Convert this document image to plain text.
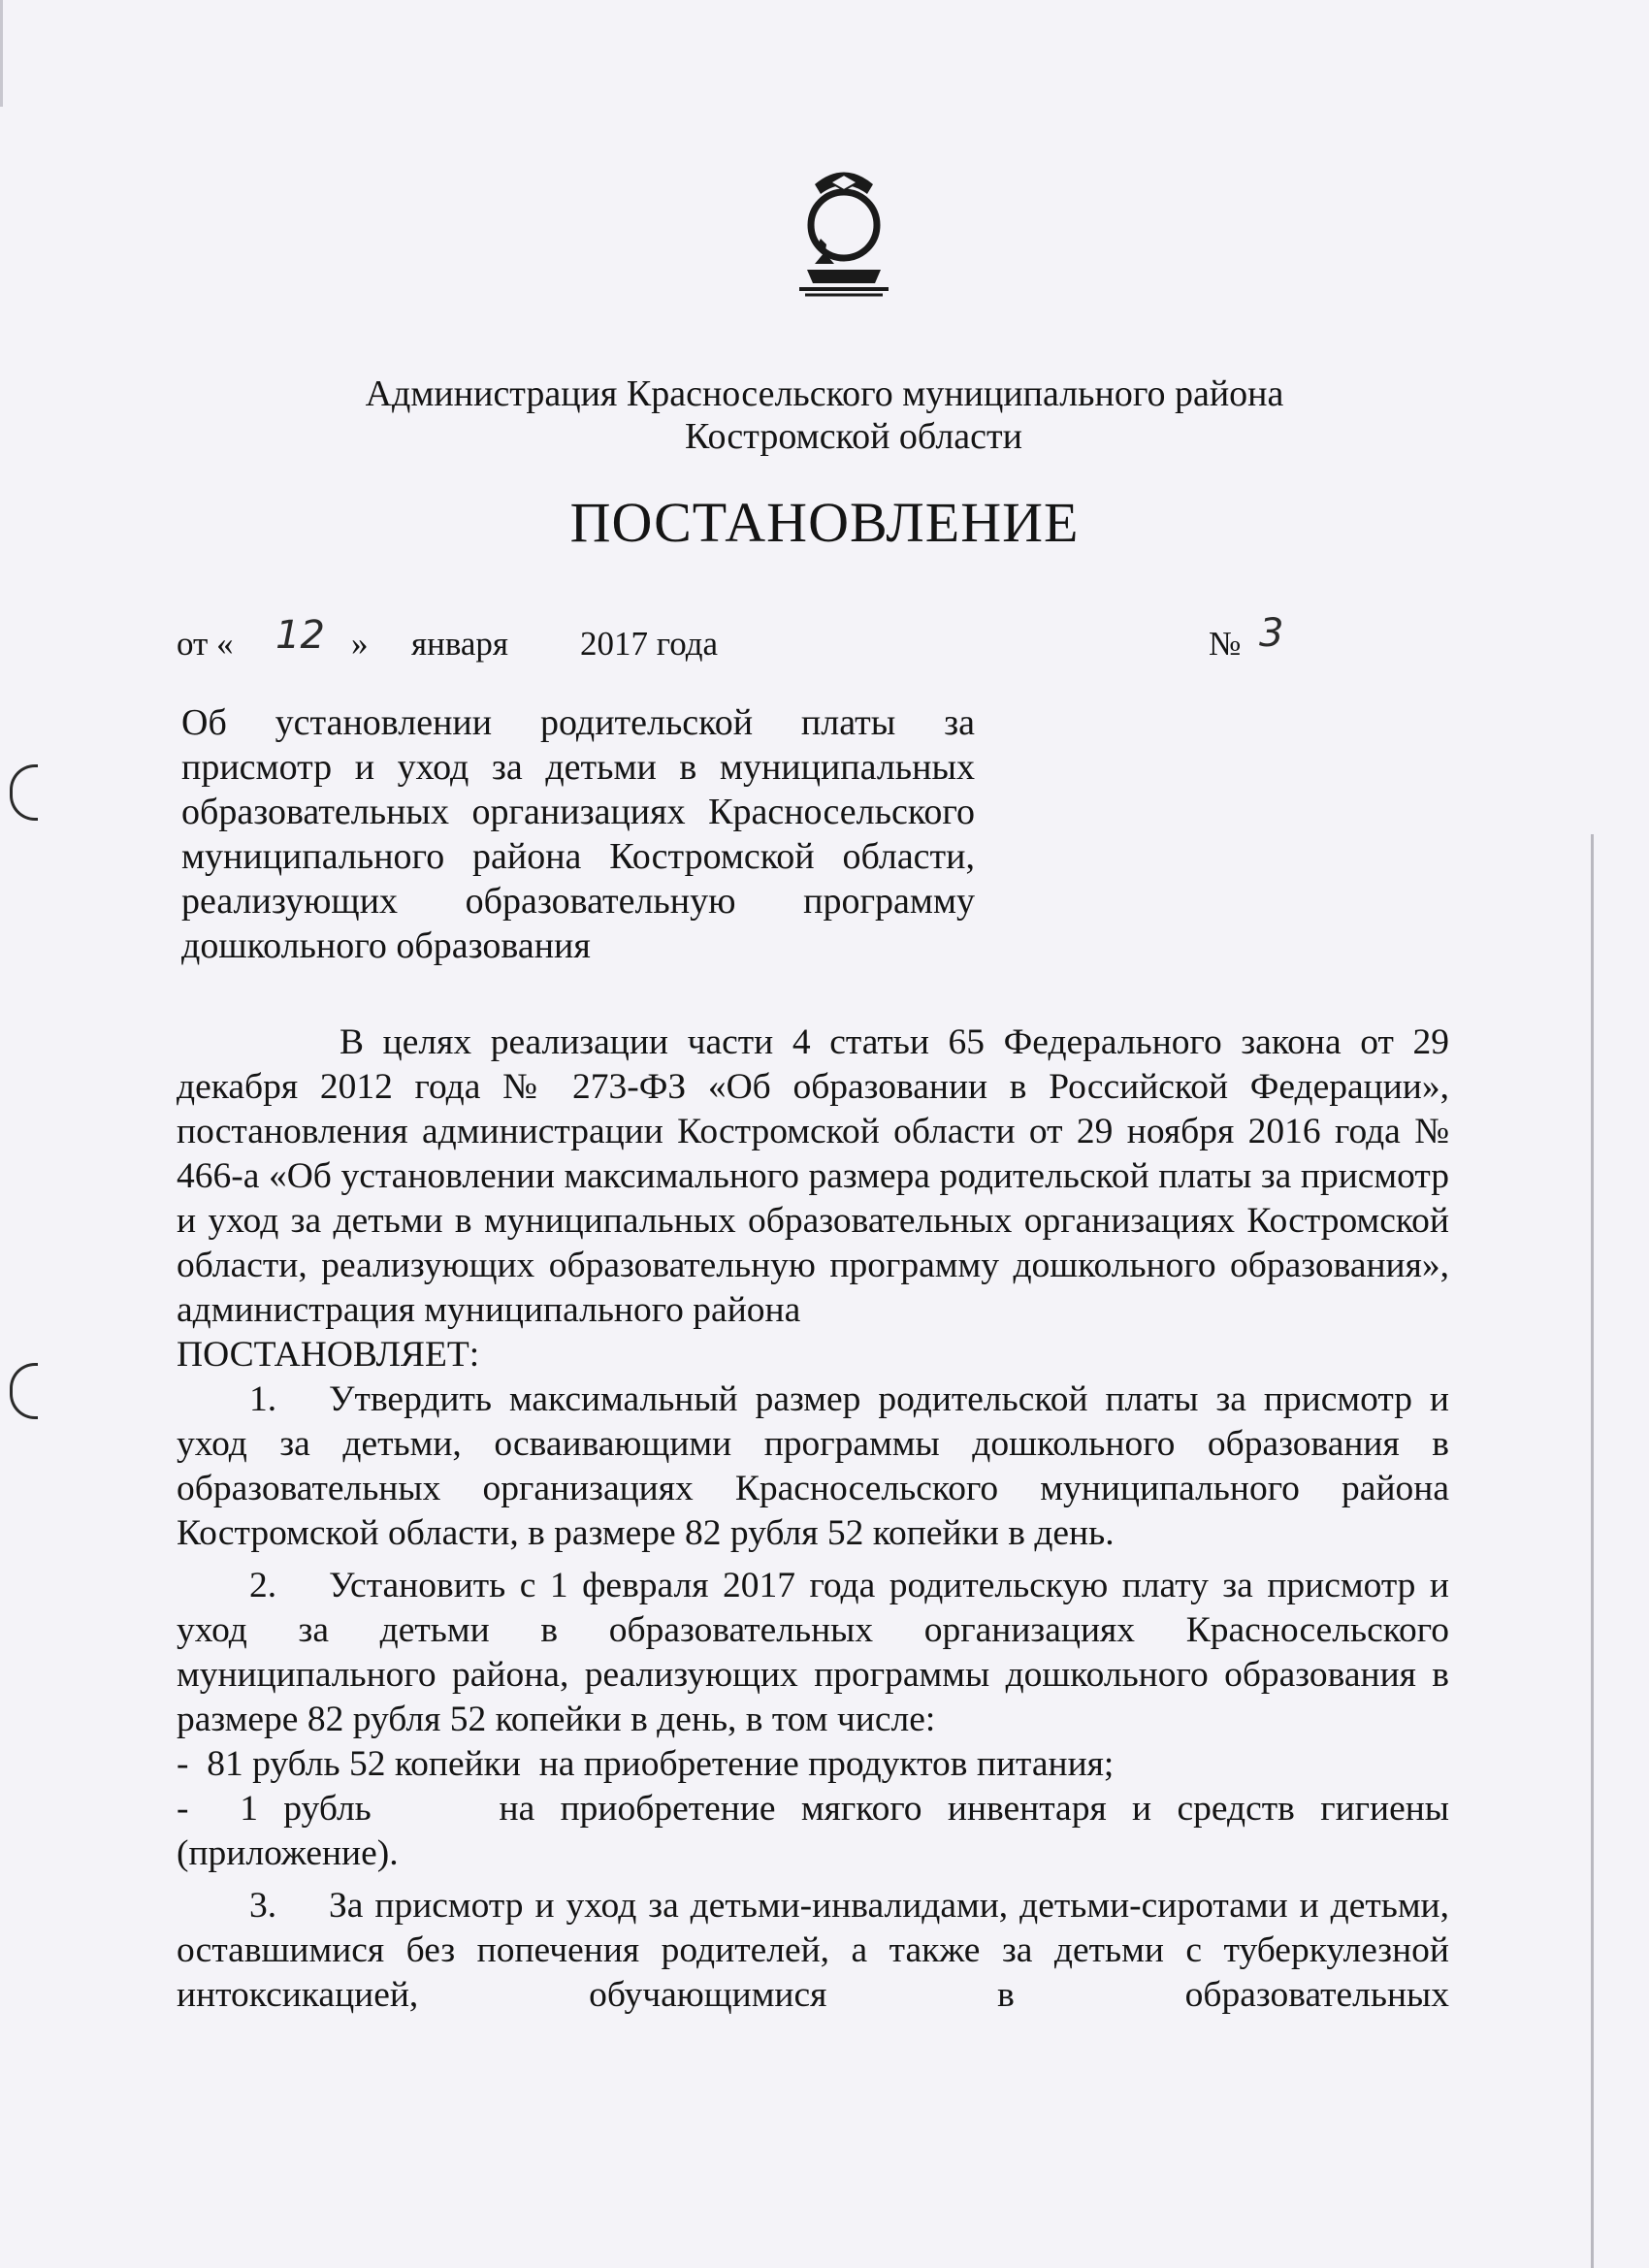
Администрация Красносельского муниципального района
Костромской области
ПОСТАНОВЛЕНИЕ
от « 12 » января 2017 года	№ 3
Об установлении родительской платы за присмотр и уход за детьми в муниципальных образовательных организациях Красносельского муниципального района Костромской области, реализующих образовательную программу дошкольного образования

В целях реализации части 4 статьи 65 Федерального закона от 29 декабря 2012 года № 273-ФЗ «Об образовании в Российской Федерации», постановления администрации Костромской области от 29 ноября 2016 года № 466-а «Об установлении максимального размера родительской платы за присмотр и уход за детьми в муниципальных образовательных организациях Костромской области, реализующих образовательную программу дошкольного образования», администрация муниципального района

ПОСТАНОВЛЯЕТ:

1. Утвердить максимальный размер родительской платы за присмотр и уход за детьми, осваивающими программы дошкольного образования в образовательных организациях Красносельского муниципального района Костромской области, в размере 82 рубля 52 копейки в день.

2. Установить с 1 февраля 2017 года родительскую плату за присмотр и уход за детьми в образовательных организациях Красносельского муниципального района, реализующих программы дошкольного образования в размере 82 рубля 52 копейки в день, в том числе:

-  81 рубль 52 копейки  на приобретение продуктов питания;

-  1 рубль     на приобретение мягкого инвентаря и средств гигиены (приложение).

3. За присмотр и уход за детьми-инвалидами, детьми-сиротами и детьми, оставшимися без попечения родителей, а также за детьми с туберкулезной интоксикацией, обучающимися в образовательных
